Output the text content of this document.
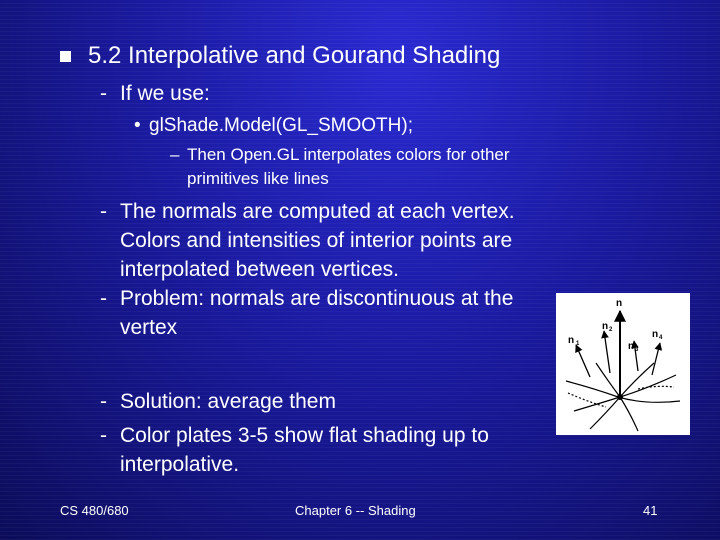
5.2 Interpolative and Gourand Shading
- If we use:
• glShade.Model(GL_SMOOTH);
– Then Open.GL interpolates colors for other
primitives like lines
- The normals are computed at each vertex.
Colors and intensities of interior points are
interpolated between vertices.
- Problem: normals are discontinuous at the
vertex
- Solution: average them
- Color plates 3-5 show flat shading up to
interpolative.
n
n 1
n 2
n 3
n 4
CS 480/680	Chapter 6 -- Shading	41
